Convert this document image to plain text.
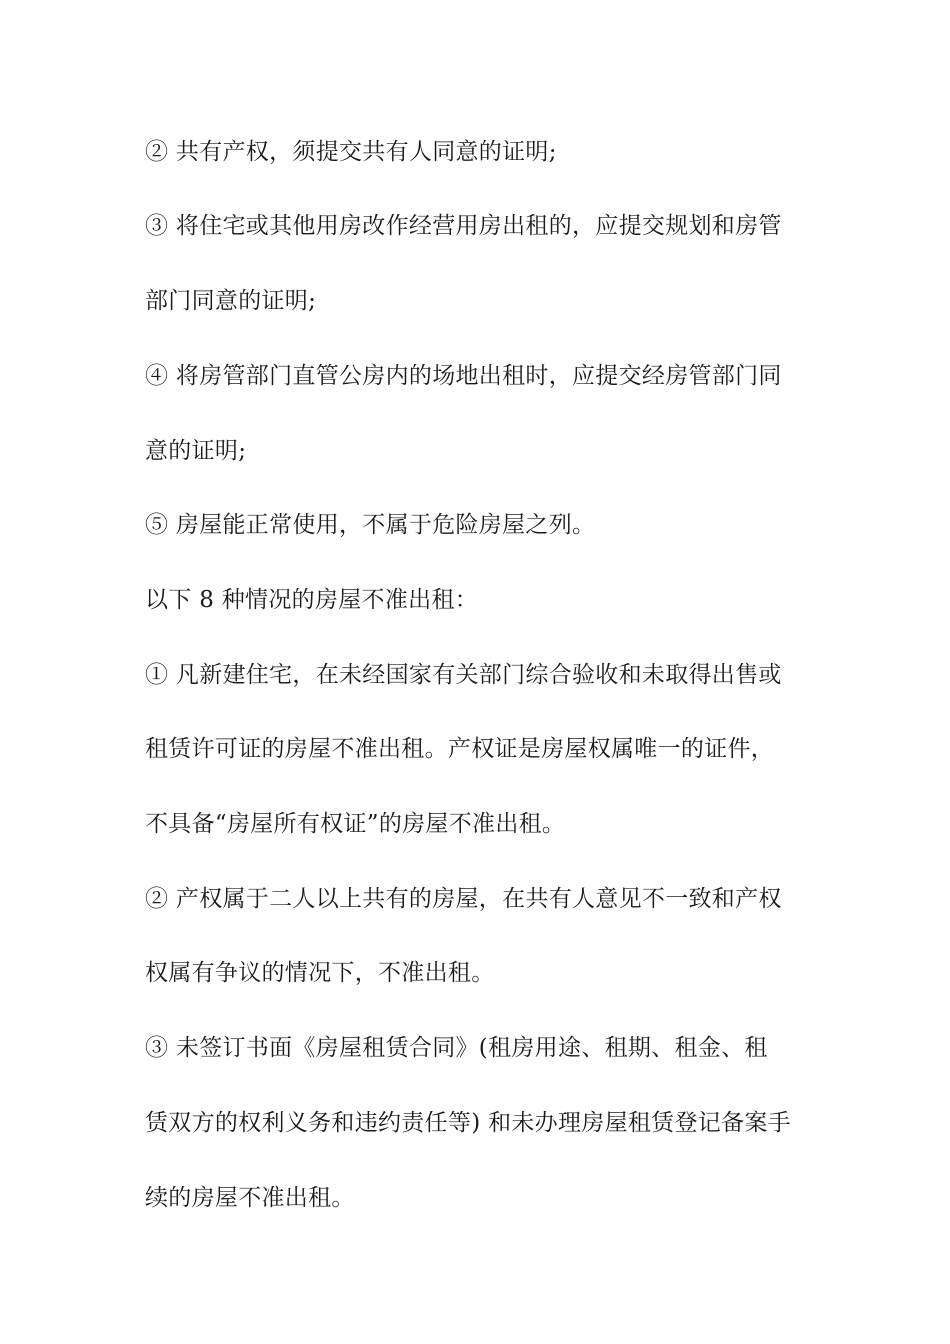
② 共有产权，须提交共有人同意的证明;
③ 将住宅或其他用房改作经营用房出租的，应提交规划和房管
部门同意的证明;
④ 将房管部门直管公房内的场地出租时，应提交经房管部门同
意的证明;
⑤ 房屋能正常使用，不属于危险房屋之列。
以下 8 种情况的房屋不准出租：
① 凡新建住宅，在未经国家有关部门综合验收和未取得出售或
租赁许可证的房屋不准出租。产权证是房屋权属唯一的证件，
不具备“房屋所有权证”的房屋不准出租。
② 产权属于二人以上共有的房屋，在共有人意见不一致和产权
权属有争议的情况下，不准出租。
③ 未签订书面《房屋租赁合同》(租房用途、租期、租金、租
赁双方的权利义务和违约责任等) 和未办理房屋租赁登记备案手
续的房屋不准出租。
